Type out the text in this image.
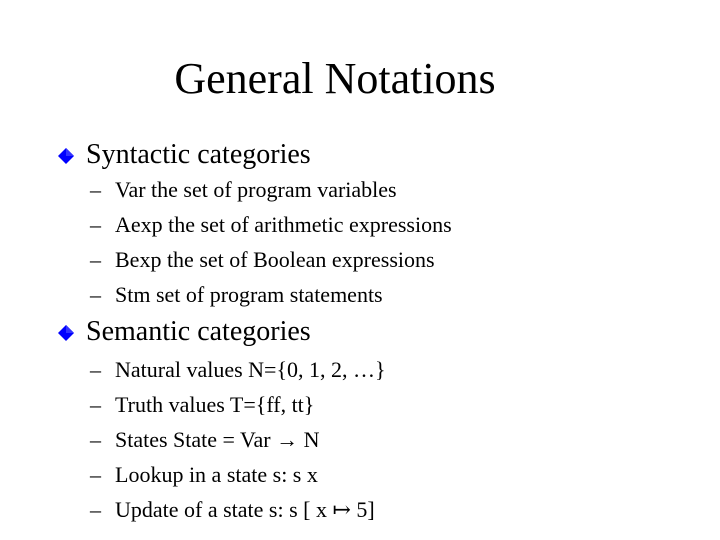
General Notations
Syntactic categories
– Var the set of program variables
– Aexp the set of arithmetic expressions
– Bexp the set of Boolean expressions
– Stm set of program statements
Semantic categories
– Natural values N={0, 1, 2, …}
– Truth values T={ff, tt}
– States State = Var → N
– Lookup in a state s: s x
– Update of a state s: s [ x ↦ 5]
